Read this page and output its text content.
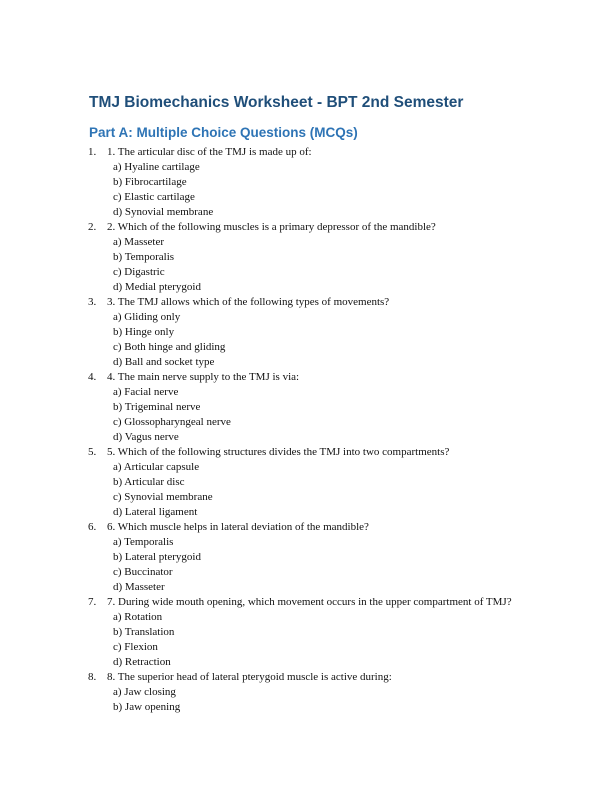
TMJ Biomechanics Worksheet - BPT 2nd Semester
Part A: Multiple Choice Questions (MCQs)
1. 1. The articular disc of the TMJ is made up of:
a) Hyaline cartilage
b) Fibrocartilage
c) Elastic cartilage
d) Synovial membrane
2. 2. Which of the following muscles is a primary depressor of the mandible?
a) Masseter
b) Temporalis
c) Digastric
d) Medial pterygoid
3. 3. The TMJ allows which of the following types of movements?
a) Gliding only
b) Hinge only
c) Both hinge and gliding
d) Ball and socket type
4. 4. The main nerve supply to the TMJ is via:
a) Facial nerve
b) Trigeminal nerve
c) Glossopharyngeal nerve
d) Vagus nerve
5. 5. Which of the following structures divides the TMJ into two compartments?
a) Articular capsule
b) Articular disc
c) Synovial membrane
d) Lateral ligament
6. 6. Which muscle helps in lateral deviation of the mandible?
a) Temporalis
b) Lateral pterygoid
c) Buccinator
d) Masseter
7. 7. During wide mouth opening, which movement occurs in the upper compartment of TMJ?
a) Rotation
b) Translation
c) Flexion
d) Retraction
8. 8. The superior head of lateral pterygoid muscle is active during:
a) Jaw closing
b) Jaw opening
